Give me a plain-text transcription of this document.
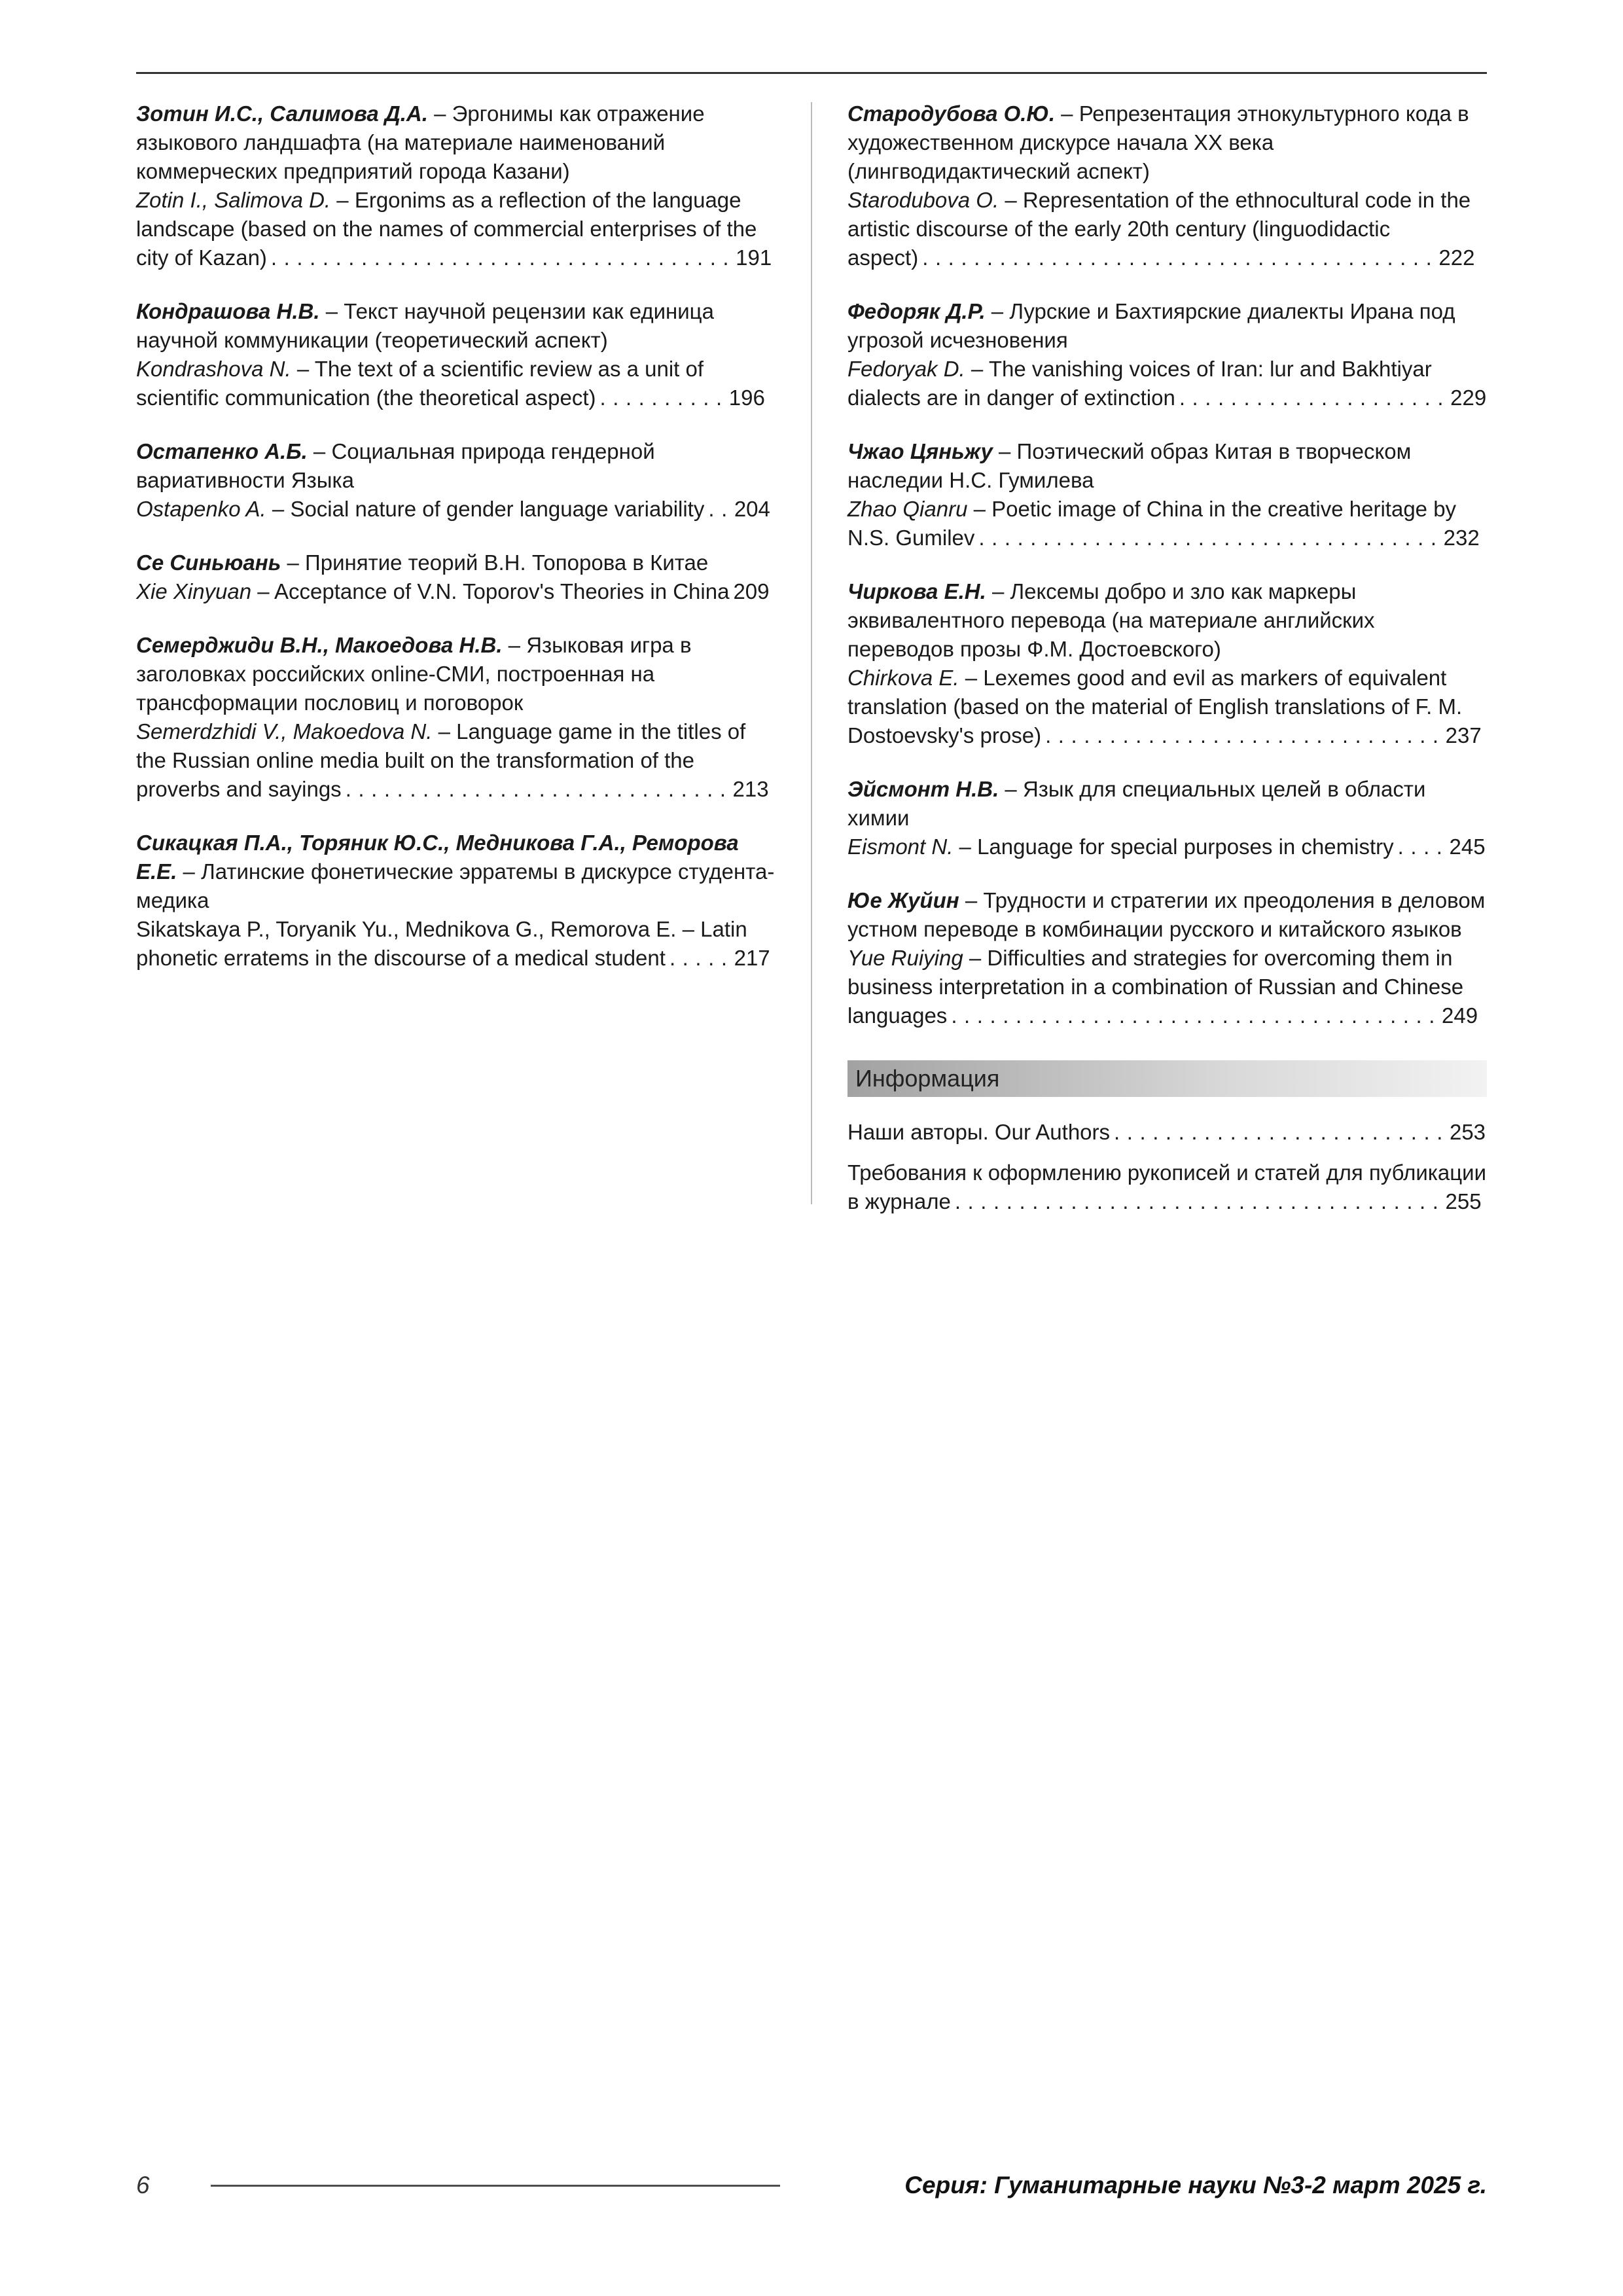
Зотин И.С., Салимова Д.А. – Эргонимы как отражение языкового ландшафта (на материале наименований коммерческих предприятий города Казани)

Zotin I., Salimova D. – Ergonims as a reflection of the language landscape (based on the names of commercial enterprises of the city of Kazan) ....................................191

Кондрашова Н.В. – Текст научной рецензии как единица научной коммуникации (теоретический аспект)

Kondrashova N. – The text of a scientific review as a unit of scientific communication (the theoretical aspect) ..........196

Остапенко А.Б. – Социальная природа гендерной вариативности Языка

Ostapenko A. – Social nature of gender language variability ..204

Се Синьюань – Принятие теорий В.Н. Топорова в Китае

Xie Xinyuan – Acceptance of V.N. Toporov's Theories in China 209

Семерджиди В.Н., Макоедова Н.В. – Языковая игра в заголовках российских online-СМИ, построенная на трансформации пословиц и поговорок

Semerdzhidi V., Makoedova N. – Language game in the titles of the Russian online media built on the transformation of the proverbs and sayings ..............................213

Сикацкая П.А., Торяник Ю.С., Медникова Г.А., Реморова Е.Е. – Латинские фонетические эрратемы в дискурсе студента-медика

Sikatskaya P., Toryanik Yu., Mednikova G., Remorova E. – Latin phonetic erratems in the discourse of a medical student .....217

Стародубова О.Ю. – Репрезентация этнокультурного кода в художественном дискурсе начала XX века (лингводидактический аспект)

Starodubova O. – Representation of the ethnocultural code in the artistic discourse of the early 20th century (linguodidactic aspect) ........................................222

Федоряк Д.Р. – Лурские и Бахтиярские диалекты Ирана под угрозой исчезновения

Fedoryak D. – The vanishing voices of Iran: lur and Bakhtiyar dialects are in danger of extinction .....................229

Чжао Цяньжу – Поэтический образ Китая в творческом наследии Н.С. Гумилева

Zhao Qianru – Poetic image of China in the creative heritage by N.S. Gumilev ....................................232

Чиркова Е.Н. – Лексемы добро и зло как маркеры эквивалентного перевода (на материале английских переводов прозы Ф.М. Достоевского)

Chirkova E. – Lexemes good and evil as markers of equivalent translation (based on the material of English translations of F. M. Dostoevsky's prose) ...............................237

Эйсмонт Н.В. – Язык для специальных целей в области химии

Eismont N. – Language for special purposes in chemistry ....245

Юе Жуйин – Трудности и стратегии их преодоления в деловом устном переводе в комбинации русского и китайского языков

Yue Ruiying – Difficulties and strategies for overcoming them in business interpretation in a combination of Russian and Chinese languages ......................................249

Информация

Наши авторы. Our Authors ..........................253

Требования к оформлению рукописей и статей для публикации в журнале ......................................255

6	Серия: Гуманитарные науки №3-2 март 2025 г.
